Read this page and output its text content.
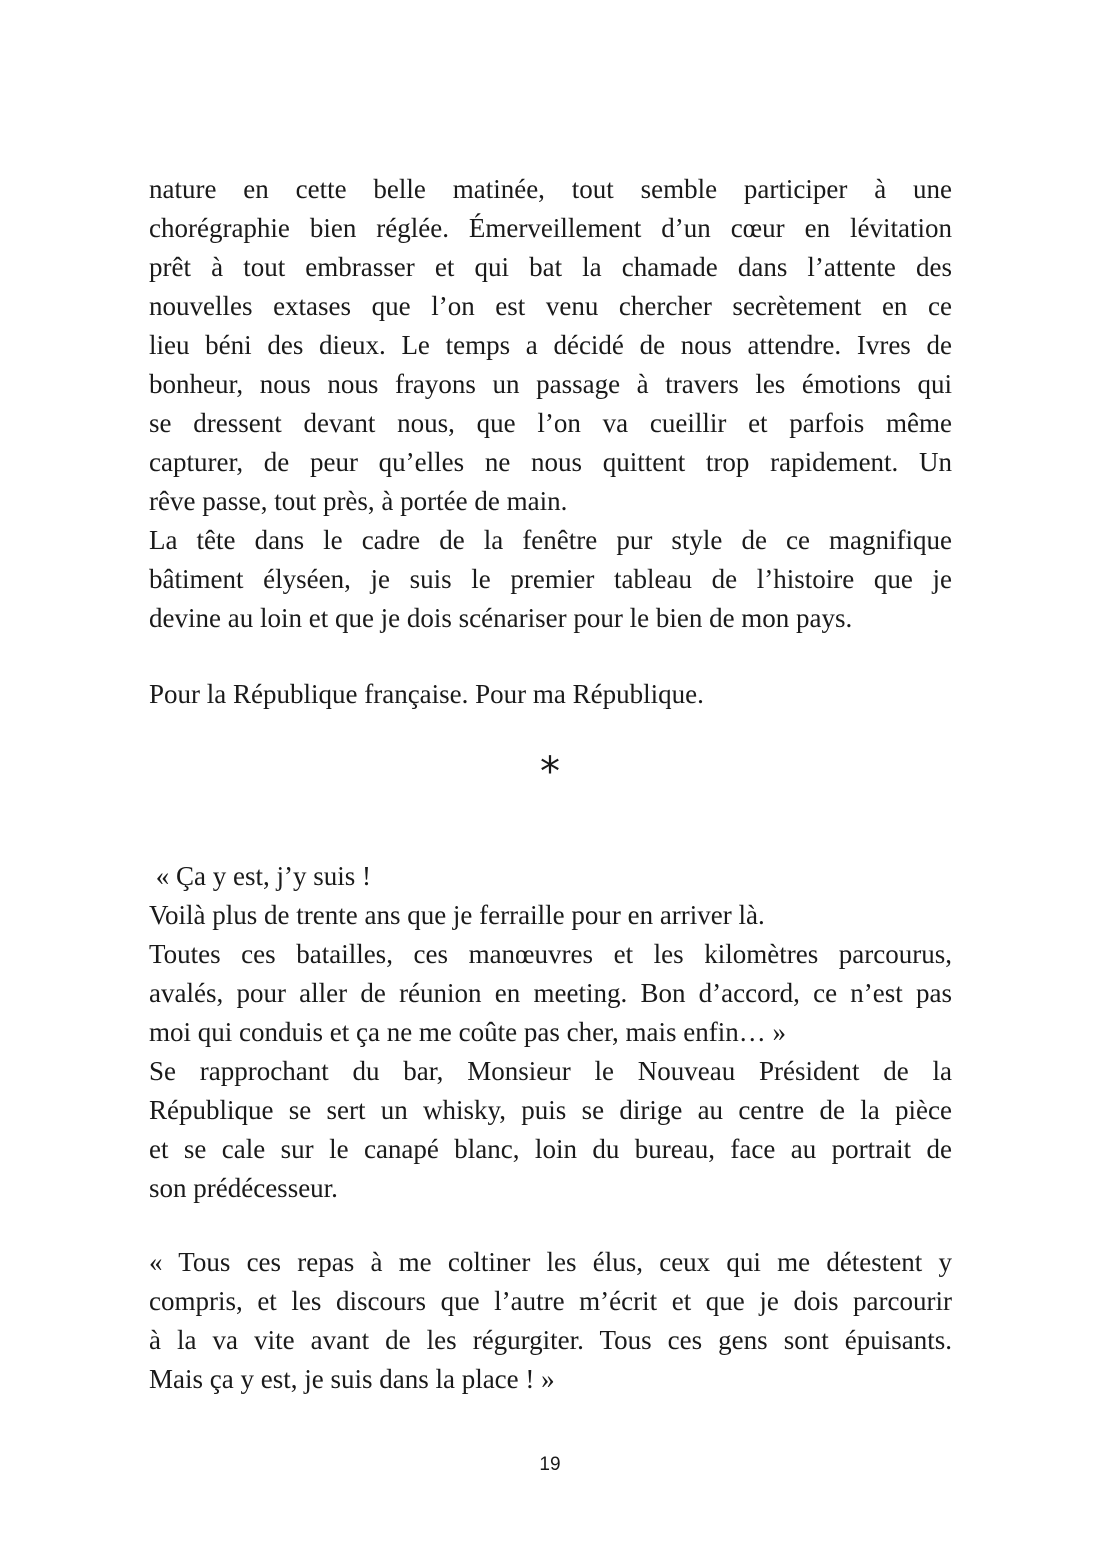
nature en cette belle matinée, tout semble participer à une
chorégraphie bien réglée. Émerveillement d’un cœur en lévitation
prêt à tout embrasser et qui bat la chamade dans l’attente des
nouvelles extases que l’on est venu chercher secrètement en ce
lieu béni des dieux. Le temps a décidé de nous attendre. Ivres de
bonheur, nous nous frayons un passage à travers les émotions qui
se dressent devant nous, que l’on va cueillir et parfois même
capturer, de peur qu’elles ne nous quittent trop rapidement. Un
rêve passe, tout près, à portée de main.

La tête dans le cadre de la fenêtre pur style de ce magnifique
bâtiment élyséen, je suis le premier tableau de l’histoire que je
devine au loin et que je dois scénariser pour le bien de mon pays.

Pour la République française. Pour ma République.

*

« Ça y est, j’y suis !
Voilà plus de trente ans que je ferraille pour en arriver là.
Toutes ces batailles, ces manœuvres et les kilomètres parcourus,
avalés, pour aller de réunion en meeting. Bon d’accord, ce n’est pas
moi qui conduis et ça ne me coûte pas cher, mais enfin… »

Se rapprochant du bar, Monsieur le Nouveau Président de la
République se sert un whisky, puis se dirige au centre de la pièce
et se cale sur le canapé blanc, loin du bureau, face au portrait de
son prédécesseur.

« Tous ces repas à me coltiner les élus, ceux qui me détestent y
compris, et les discours que l’autre m’écrit et que je dois parcourir
à la va vite avant de les régurgiter. Tous ces gens sont épuisants.
Mais ça y est, je suis dans la place ! »

19
